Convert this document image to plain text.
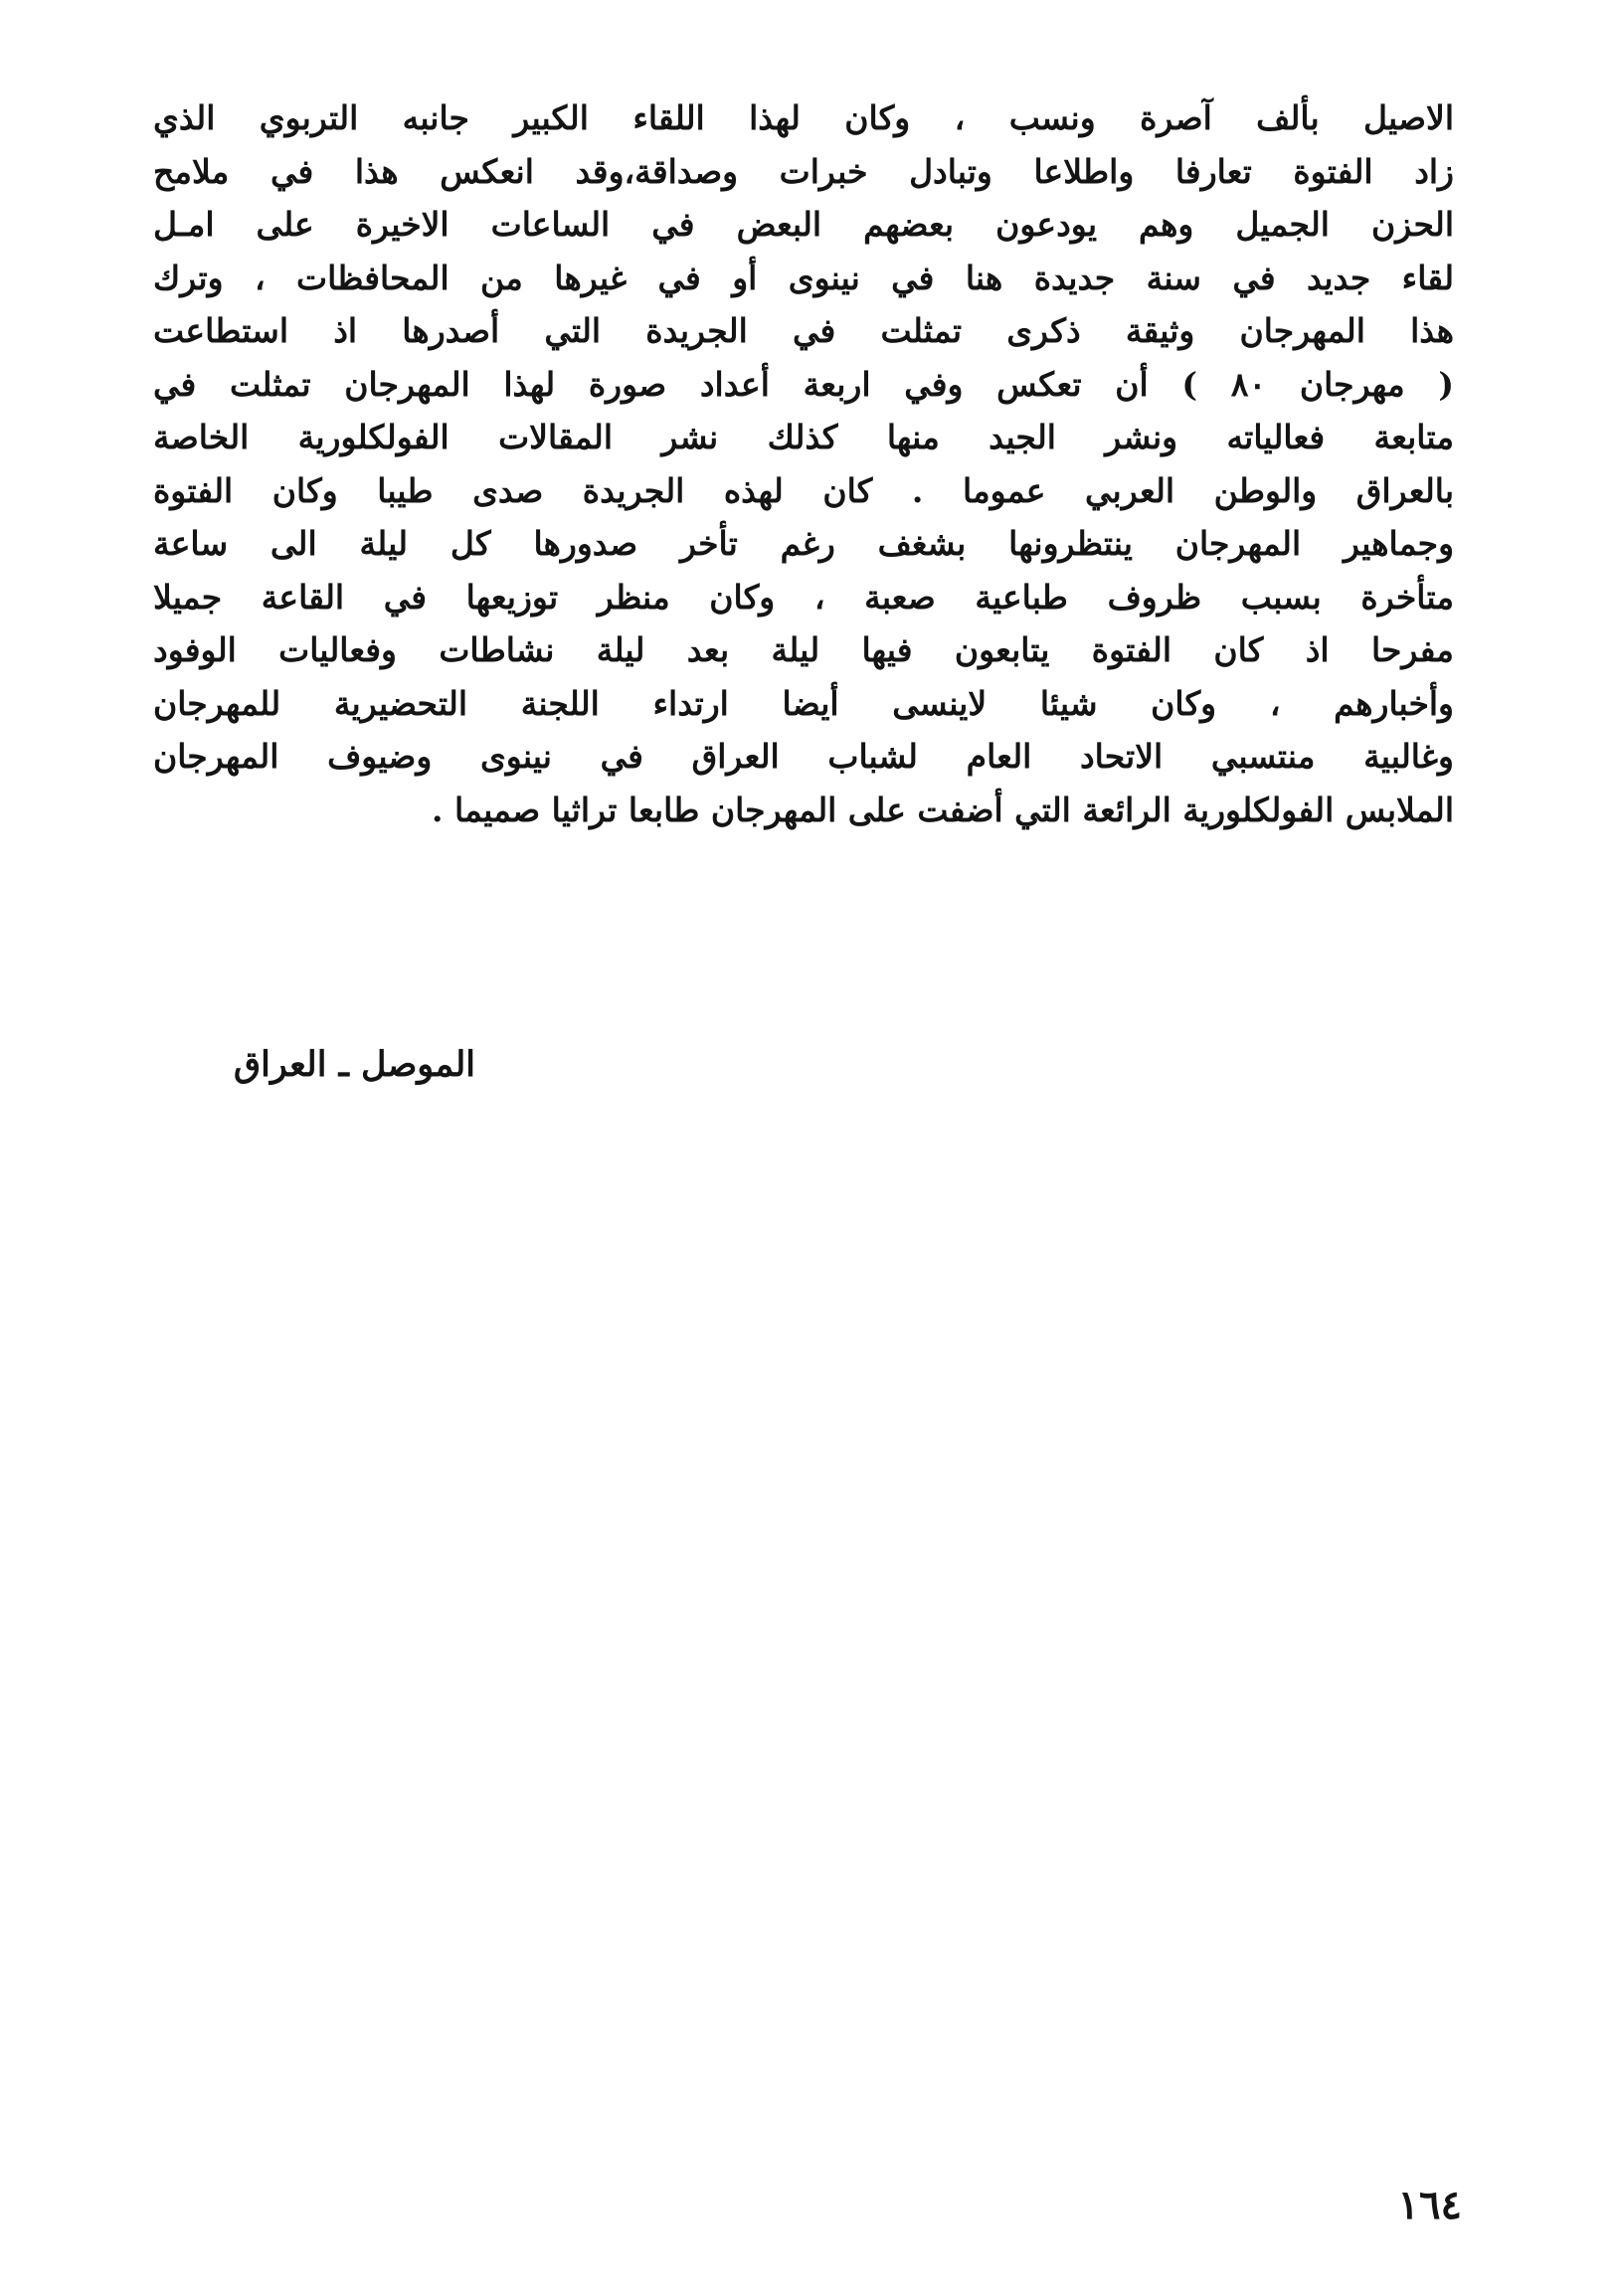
الاصيل بألف آصرة ونسب ، وكان لهذا اللقاء الكبير جانبه التربوي الذي
زاد الفتوة تعارفا واطلاعا وتبادل خبرات وصداقة،وقد انعكس هذا في ملامح
الحزن الجميل وهم يودعون بعضهم البعض في الساعات الاخيرة على امـل
لقاء جديد في سنة جديدة هنا في نينوى أو في غيرها من المحافظات ، وترك
هذا المهرجان وثيقة ذكرى تمثلت في الجريدة التي أصدرها اذ استطاعت
( مهرجان ٨٠ ) أن تعكس وفي اربعة أعداد صورة لهذا المهرجان تمثلت في
متابعة فعالياته ونشر الجيد منها كذلك نشر المقالات الفولكلورية الخاصة
بالعراق والوطن العربي عموما . كان لهذه الجريدة صدى طيبا وكان الفتوة
وجماهير المهرجان ينتظرونها بشغف رغم تأخر صدورها كل ليلة الى ساعة
متأخرة بسبب ظروف طباعية صعبة ، وكان منظر توزيعها في القاعة جميلا
مفرحا اذ كان الفتوة يتابعون فيها ليلة بعد ليلة نشاطات وفعاليات الوفود
وأخبارهم ، وكان شيئا لاينسى أيضا ارتداء اللجنة التحضيرية للمهرجان
وغالبية منتسبي الاتحاد العام لشباب العراق في نينوى وضيوف المهرجان
الملابس الفولكلورية الرائعة التي أضفت على المهرجان طابعا تراثيا صميما .
الموصل ـ العراق
١٦٤
